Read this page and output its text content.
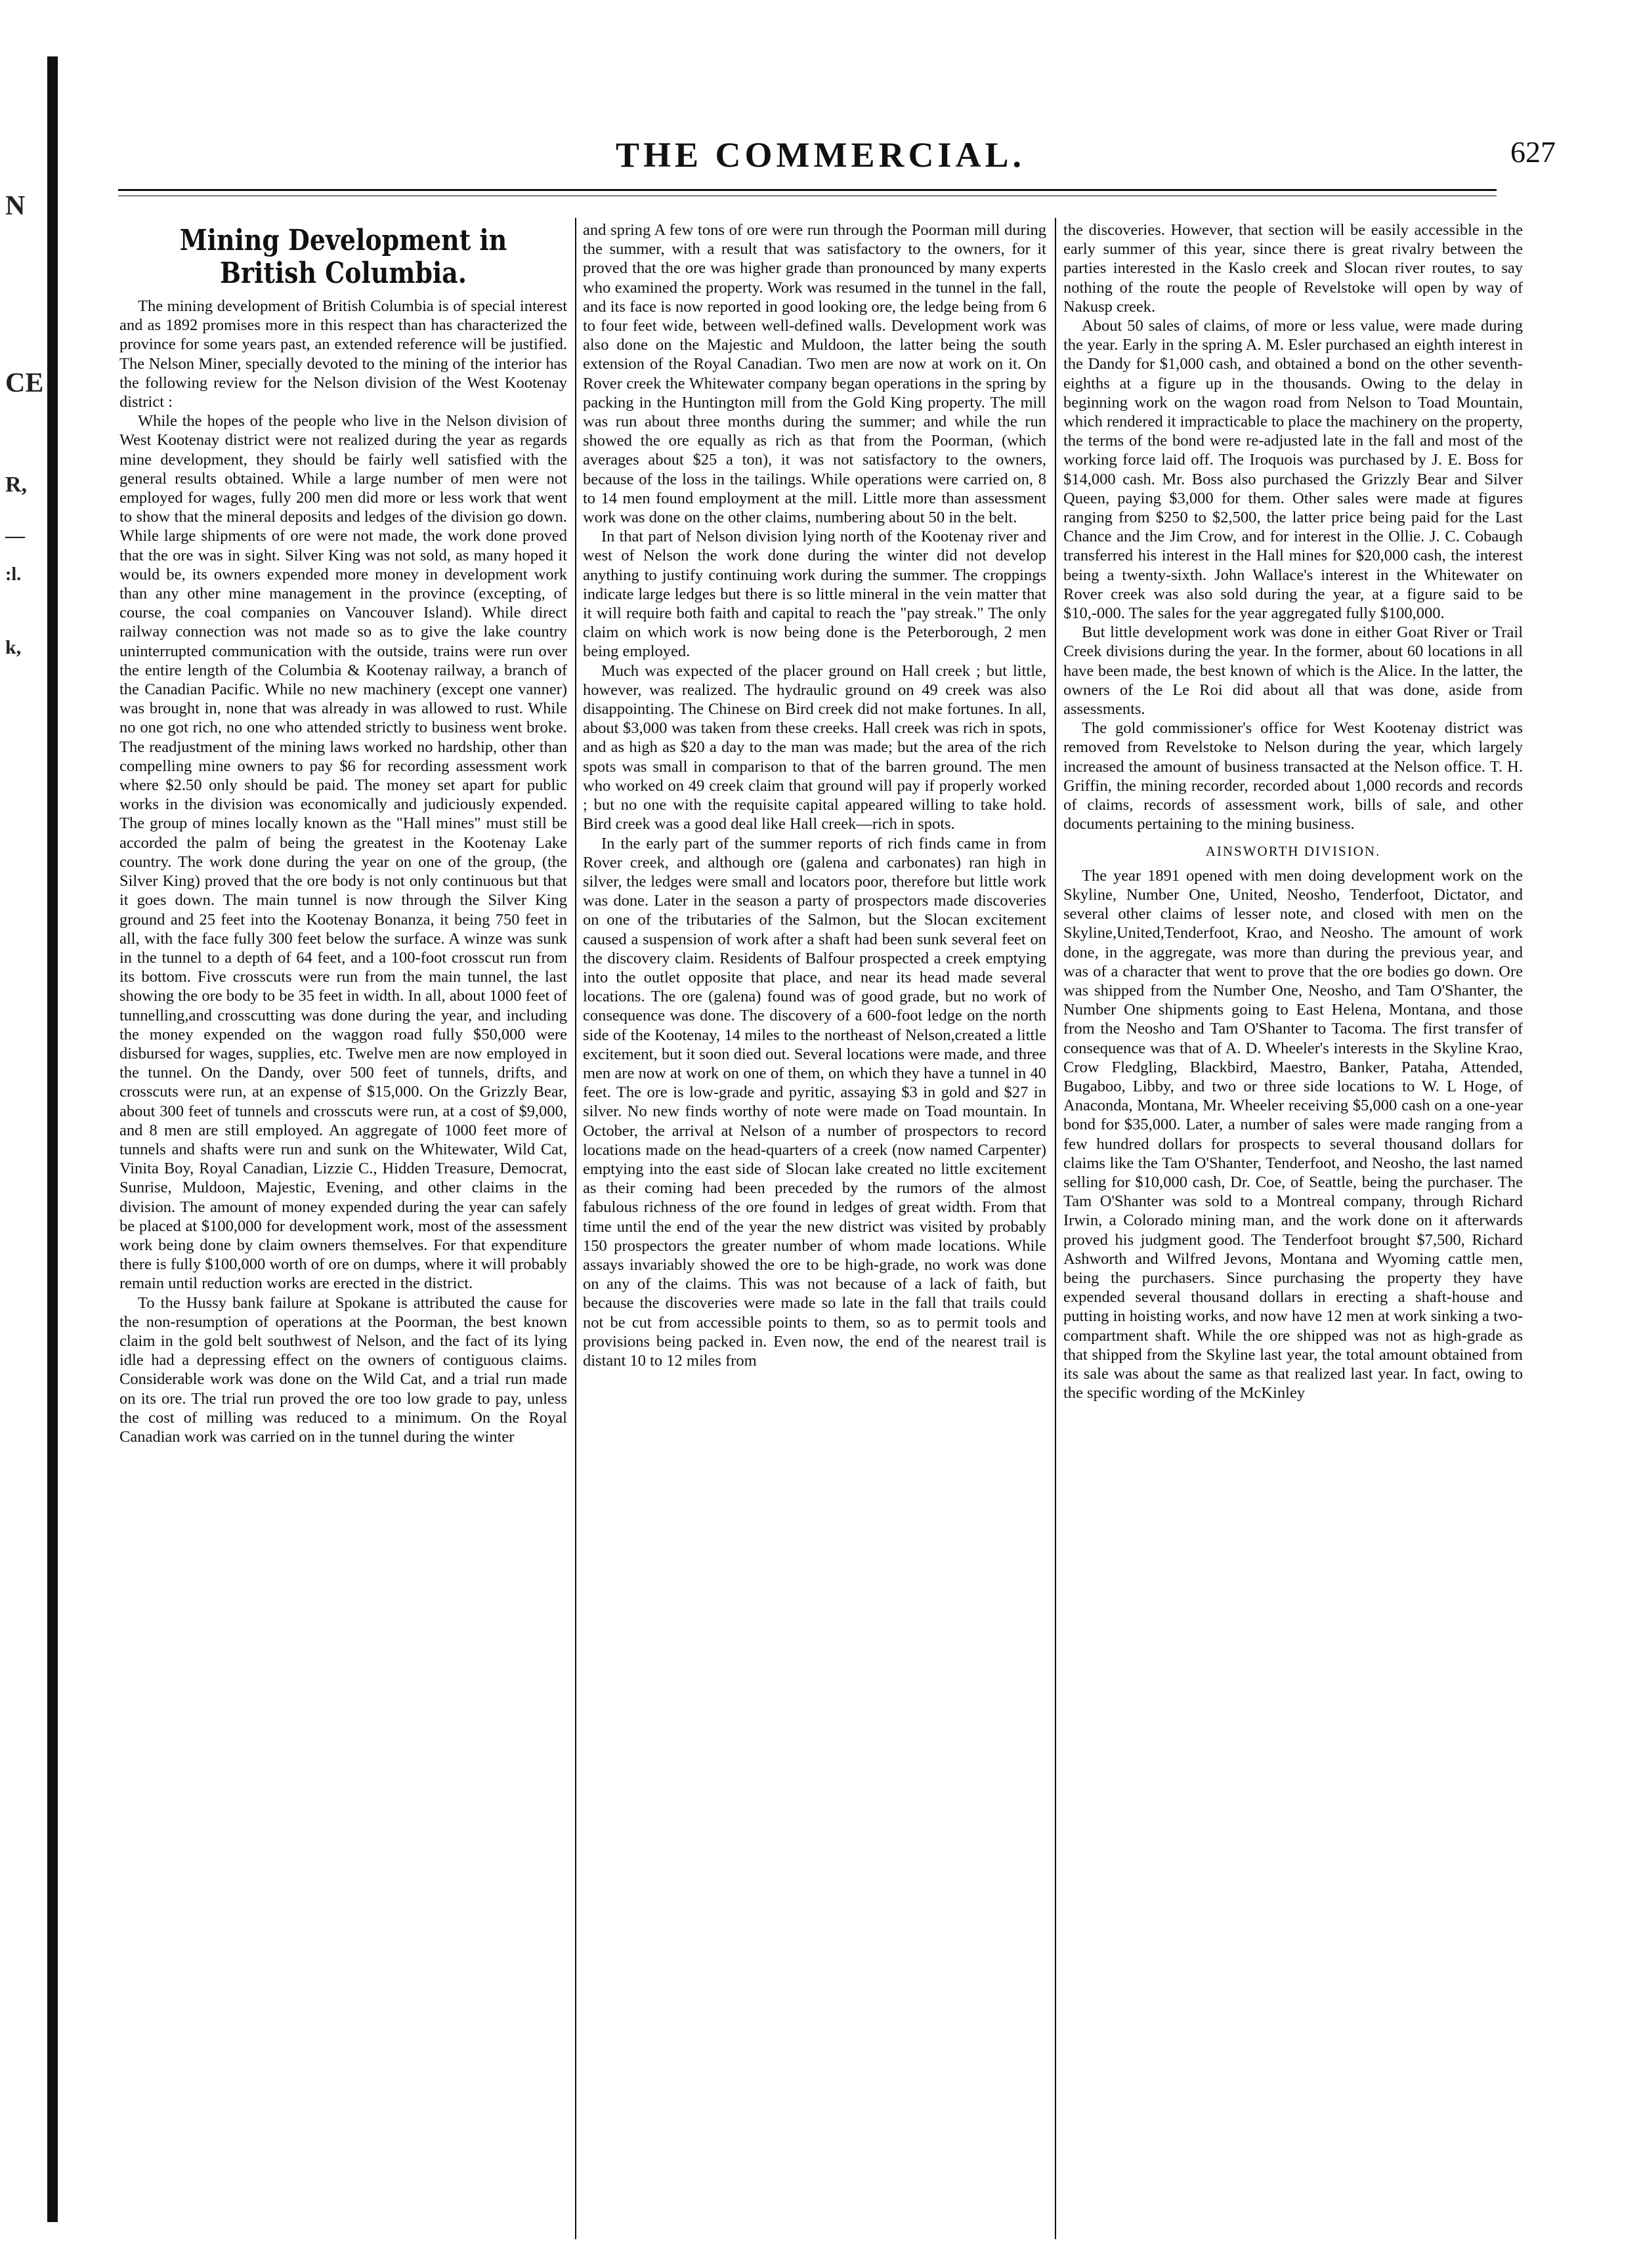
N
CE
R,
—
:l.
k,
THE COMMERCIAL.	627
Mining Development in British Columbia.

The mining development of British Columbia is of special interest and as 1892 promises more in this respect than has characterized the province for some years past, an extended reference will be justified. The Nelson Miner, specially devoted to the mining of the interior has the following review for the Nelson division of the West Kootenay district :

While the hopes of the people who live in the Nelson division of West Kootenay district were not realized during the year as regards mine development, they should be fairly well satisfied with the general results obtained. While a large number of men were not employed for wages, fully 200 men did more or less work that went to show that the mineral deposits and ledges of the division go down. While large shipments of ore were not made, the work done proved that the ore was in sight. Silver King was not sold, as many hoped it would be, its owners expended more money in development work than any other mine management in the province (excepting, of course, the coal companies on Vancouver Island). While direct railway connection was not made so as to give the lake country uninterrupted communication with the outside, trains were run over the entire length of the Columbia & Kootenay railway, a branch of the Canadian Pacific. While no new machinery (except one vanner) was brought in, none that was already in was allowed to rust. While no one got rich, no one who attended strictly to business went broke. The readjustment of the mining laws worked no hardship, other than compelling mine owners to pay $6 for recording assessment work where $2.50 only should be paid. The money set apart for public works in the division was economically and judiciously expended. The group of mines locally known as the "Hall mines" must still be accorded the palm of being the greatest in the Kootenay Lake country. The work done during the year on one of the group, (the Silver King) proved that the ore body is not only continuous but that it goes down. The main tunnel is now through the Silver King ground and 25 feet into the Kootenay Bonanza, it being 750 feet in all, with the face fully 300 feet below the surface. A winze was sunk in the tunnel to a depth of 64 feet, and a 100-foot crosscut run from its bottom. Five crosscuts were run from the main tunnel, the last showing the ore body to be 35 feet in width. In all, about 1000 feet of tunnelling,and crosscutting was done during the year, and including the money expended on the waggon road fully $50,000 were disbursed for wages, supplies, etc. Twelve men are now employed in the tunnel. On the Dandy, over 500 feet of tunnels, drifts, and crosscuts were run, at an expense of $15,000. On the Grizzly Bear, about 300 feet of tunnels and crosscuts were run, at a cost of $9,000, and 8 men are still employed. An aggregate of 1000 feet more of tunnels and shafts were run and sunk on the Whitewater, Wild Cat, Vinita Boy, Royal Canadian, Lizzie C., Hidden Treasure, Democrat, Sunrise, Muldoon, Majestic, Evening, and other claims in the division. The amount of money expended during the year can safely be placed at $100,000 for development work, most of the assessment work being done by claim owners themselves. For that expenditure there is fully $100,000 worth of ore on dumps, where it will probably remain until reduction works are erected in the district.

To the Hussy bank failure at Spokane is attributed the cause for the non-resumption of operations at the Poorman, the best known claim in the gold belt southwest of Nelson, and the fact of its lying idle had a depressing effect on the owners of contiguous claims. Considerable work was done on the Wild Cat, and a trial run made on its ore. The trial run proved the ore too low grade to pay, unless the cost of milling was reduced to a minimum. On the Royal Canadian work was carried on in the tunnel during the winter

and spring A few tons of ore were run through the Poorman mill during the summer, with a result that was satisfactory to the owners, for it proved that the ore was higher grade than pronounced by many experts who examined the property. Work was resumed in the tunnel in the fall, and its face is now reported in good looking ore, the ledge being from 6 to four feet wide, between well-defined walls. Development work was also done on the Majestic and Muldoon, the latter being the south extension of the Royal Canadian. Two men are now at work on it. On Rover creek the Whitewater company began operations in the spring by packing in the Huntington mill from the Gold King property. The mill was run about three months during the summer; and while the run showed the ore equally as rich as that from the Poorman, (which averages about $25 a ton), it was not satisfactory to the owners, because of the loss in the tailings. While operations were carried on, 8 to 14 men found employment at the mill. Little more than assessment work was done on the other claims, numbering about 50 in the belt.

In that part of Nelson division lying north of the Kootenay river and west of Nelson the work done during the winter did not develop anything to justify continuing work during the summer. The croppings indicate large ledges but there is so little mineral in the vein matter that it will require both faith and capital to reach the "pay streak." The only claim on which work is now being done is the Peterborough, 2 men being employed.

Much was expected of the placer ground on Hall creek ; but little, however, was realized. The hydraulic ground on 49 creek was also disappointing. The Chinese on Bird creek did not make fortunes. In all, about $3,000 was taken from these creeks. Hall creek was rich in spots, and as high as $20 a day to the man was made; but the area of the rich spots was small in comparison to that of the barren ground. The men who worked on 49 creek claim that ground will pay if properly worked ; but no one with the requisite capital appeared willing to take hold. Bird creek was a good deal like Hall creek—rich in spots.

In the early part of the summer reports of rich finds came in from Rover creek, and although ore (galena and carbonates) ran high in silver, the ledges were small and locators poor, therefore but little work was done. Later in the season a party of prospectors made discoveries on one of the tributaries of the Salmon, but the Slocan excitement caused a suspension of work after a shaft had been sunk several feet on the discovery claim. Residents of Balfour prospected a creek emptying into the outlet opposite that place, and near its head made several locations. The ore (galena) found was of good grade, but no work of consequence was done. The discovery of a 600-foot ledge on the north side of the Kootenay, 14 miles to the northeast of Nelson,created a little excitement, but it soon died out. Several locations were made, and three men are now at work on one of them, on which they have a tunnel in 40 feet. The ore is low-grade and pyritic, assaying $3 in gold and $27 in silver. No new finds worthy of note were made on Toad mountain. In October, the arrival at Nelson of a number of prospectors to record locations made on the head-quarters of a creek (now named Carpenter) emptying into the east side of Slocan lake created no little excitement as their coming had been preceded by the rumors of the almost fabulous richness of the ore found in ledges of great width. From that time until the end of the year the new district was visited by probably 150 prospectors the greater number of whom made locations. While assays invariably showed the ore to be high-grade, no work was done on any of the claims. This was not because of a lack of faith, but because the discoveries were made so late in the fall that trails could not be cut from accessible points to them, so as to permit tools and provisions being packed in. Even now, the end of the nearest trail is distant 10 to 12 miles from

the discoveries. However, that section will be easily accessible in the early summer of this year, since there is great rivalry between the parties interested in the Kaslo creek and Slocan river routes, to say nothing of the route the people of Revelstoke will open by way of Nakusp creek.

About 50 sales of claims, of more or less value, were made during the year. Early in the spring A. M. Esler purchased an eighth interest in the Dandy for $1,000 cash, and obtained a bond on the other seventh-eighths at a figure up in the thousands. Owing to the delay in beginning work on the wagon road from Nelson to Toad Mountain, which rendered it impracticable to place the machinery on the property, the terms of the bond were re-adjusted late in the fall and most of the working force laid off. The Iroquois was purchased by J. E. Boss for $14,000 cash. Mr. Boss also purchased the Grizzly Bear and Silver Queen, paying $3,000 for them. Other sales were made at figures ranging from $250 to $2,500, the latter price being paid for the Last Chance and the Jim Crow, and for interest in the Ollie. J. C. Cobaugh transferred his interest in the Hall mines for $20,000 cash, the interest being a twenty-sixth. John Wallace's interest in the Whitewater on Rover creek was also sold during the year, at a figure said to be $10,-000. The sales for the year aggregated fully $100,000.

But little development work was done in either Goat River or Trail Creek divisions during the year. In the former, about 60 locations in all have been made, the best known of which is the Alice. In the latter, the owners of the Le Roi did about all that was done, aside from assessments.

The gold commissioner's office for West Kootenay district was removed from Revelstoke to Nelson during the year, which largely increased the amount of business transacted at the Nelson office. T. H. Griffin, the mining recorder, recorded about 1,000 records and records of claims, records of assessment work, bills of sale, and other documents pertaining to the mining business.

AINSWORTH DIVISION.

The year 1891 opened with men doing development work on the Skyline, Number One, United, Neosho, Tenderfoot, Dictator, and several other claims of lesser note, and closed with men on the Skyline,United,Tenderfoot, Krao, and Neosho. The amount of work done, in the aggregate, was more than during the previous year, and was of a character that went to prove that the ore bodies go down. Ore was shipped from the Number One, Neosho, and Tam O'Shanter, the Number One shipments going to East Helena, Montana, and those from the Neosho and Tam O'Shanter to Tacoma. The first transfer of consequence was that of A. D. Wheeler's interests in the Skyline Krao, Crow Fledgling, Blackbird, Maestro, Banker, Pataha, Attended, Bugaboo, Libby, and two or three side locations to W. L Hoge, of Anaconda, Montana, Mr. Wheeler receiving $5,000 cash on a one-year bond for $35,000. Later, a number of sales were made ranging from a few hundred dollars for prospects to several thousand dollars for claims like the Tam O'Shanter, Tenderfoot, and Neosho, the last named selling for $10,000 cash, Dr. Coe, of Seattle, being the purchaser. The Tam O'Shanter was sold to a Montreal company, through Richard Irwin, a Colorado mining man, and the work done on it afterwards proved his judgment good. The Tenderfoot brought $7,500, Richard Ashworth and Wilfred Jevons, Montana and Wyoming cattle men, being the purchasers. Since purchasing the property they have expended several thousand dollars in erecting a shaft-house and putting in hoisting works, and now have 12 men at work sinking a two-compartment shaft. While the ore shipped was not as high-grade as that shipped from the Skyline last year, the total amount obtained from its sale was about the same as that realized last year. In fact, owing to the specific wording of the McKinley
